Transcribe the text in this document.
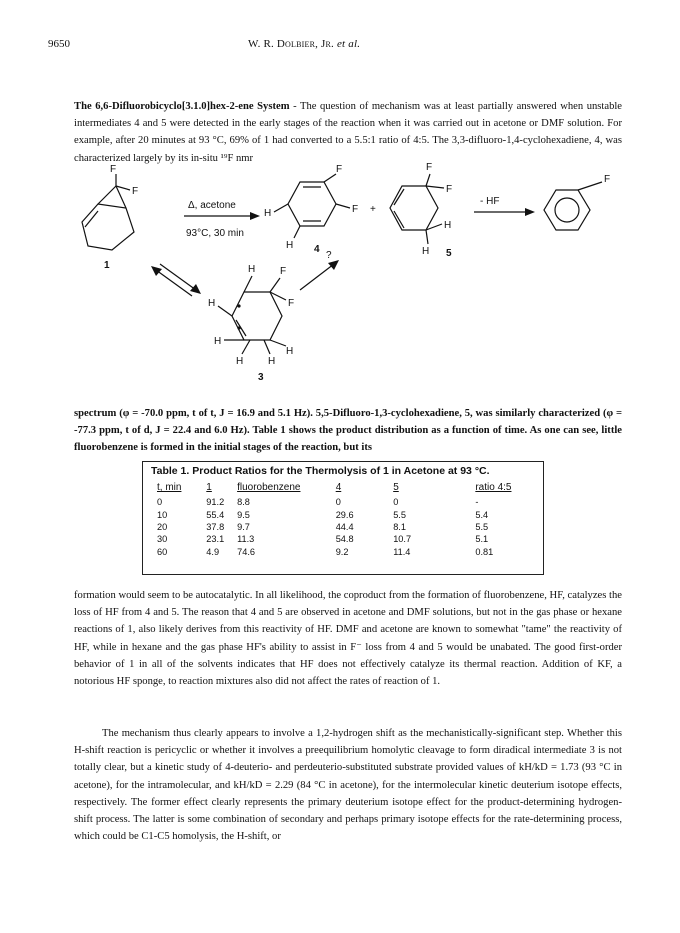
9650	W. R. Dolbier, Jr. et al.
The 6,6-Difluorobicyclo[3.1.0]hex-2-ene System - The question of mechanism was at least partially answered when unstable intermediates 4 and 5 were detected in the early stages of the reaction when it was carried out in acetone or DMF solution. For example, after 20 minutes at 93 °C, 69% of 1 had converted to a 5.5:1 ratio of 4:5. The 3,3-difluoro-1,4-cyclohexadiene, 4, was characterized largely by its in-situ ¹⁹F nmr
F
F
1
Δ, acetone
93°C, 30 min
F
F
H
H 4
+
F
F
H
H 5
- HF
F
H F
F
H
H
H
H H
3
?
spectrum (φ = -70.0 ppm, t of t, J = 16.9 and 5.1 Hz). 5,5-Difluoro-1,3-cyclohexadiene, 5, was similarly characterized (φ = -77.3 ppm, t of d, J = 22.4 and 6.0 Hz). Table 1 shows the product distribution as a function of time. As one can see, little fluorobenzene is formed in the initial stages of the reaction, but its
Table 1. Product Ratios for the Thermolysis of 1 in Acetone at 93 °C.
t, min	1	fluorobenzene	4	5	ratio 4:5
0	91.2	8.8	0	0	-
10	55.4	9.5	29.6	5.5	5.4
20	37.8	9.7	44.4	8.1	5.5
30	23.1	11.3	54.8	10.7	5.1
60	4.9	74.6	9.2	11.4	0.81
formation would seem to be autocatalytic. In all likelihood, the coproduct from the formation of fluorobenzene, HF, catalyzes the loss of HF from 4 and 5. The reason that 4 and 5 are observed in acetone and DMF solutions, but not in the gas phase or hexane reactions of 1, also likely derives from this reactivity of HF. DMF and acetone are known to somewhat "tame" the reactivity of HF, while in hexane and the gas phase HF's ability to assist in F⁻ loss from 4 and 5 would be unabated. The good first-order behavior of 1 in all of the solvents indicates that HF does not effectively catalyze its thermal reaction. Addition of KF, a notorious HF sponge, to reaction mixtures also did not affect the rates of reaction of 1.
The mechanism thus clearly appears to involve a 1,2-hydrogen shift as the mechanistically-significant step. Whether this H-shift reaction is pericyclic or whether it involves a preequilibrium homolytic cleavage to form diradical intermediate 3 is not totally clear, but a kinetic study of 4-deuterio- and perdeuterio-substituted substrate provided values of kH/kD = 1.73 (93 °C in acetone), for the intramolecular, and kH/kD = 2.29 (84 °C in acetone), for the intermolecular kinetic deuterium isotope effects, respectively. The former effect clearly represents the primary deuterium isotope effect for the product-determining hydrogen-shift process. The latter is some combination of secondary and perhaps primary isotope effects for the rate-determining process, which could be C1-C5 homolysis, the H-shift, or
